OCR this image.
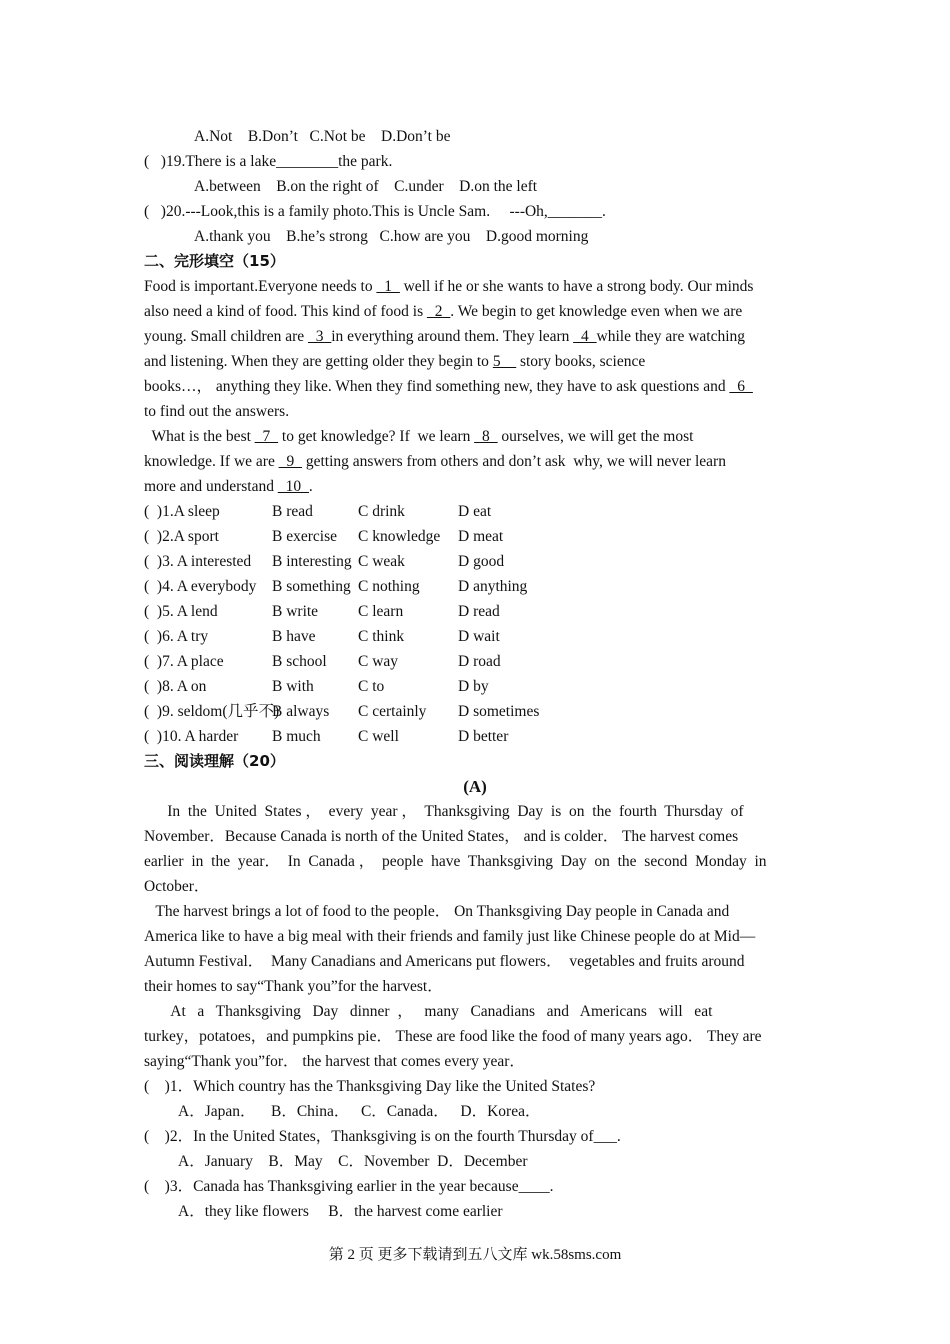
A.Not    B.Don’t   C.Not be    D.Don’t be
(   )19.There is a lake________the park.
A.between    B.on the right of    C.under    D.on the left
(   )20.---Look,this is a family photo.This is Uncle Sam.     ---Oh,_______.
A.thank you    B.he’s strong   C.how are you    D.good morning
二、完形填空（15）
Food is important.Everyone needs to _1_ well if he or she wants to have a strong body. Our minds
also need a kind of food. This kind of food is _2_. We begin to get knowledge even when we are
young. Small children are _3_in everything around them. They learn _4_while they are watching
and listening. When they are getting older they begin to 5__ story books, science
books…， anything they like. When they find something new, they have to ask questions and _6_
to find out the answers.
What is the best _7_ to get knowledge? If  we learn _8_ ourselves, we will get the most
knowledge. If we are _9_ getting answers from others and don’t ask  why, we will never learn
more and understand _10_.
(  )1.A sleep	B read	C drink	D eat
(  )2.A sport	B exercise C knowledge D meat
(  )3. A interested B interesting C weak	D good
(  )4. A everybody B something C nothing D anything
(  )5. A lend	B write	C learn	D read
(  )6. A try	B have	C think	D wait
(  )7. A place	B school C way	D road
(  )8. A on	B with	C to	D by
(  )9. seldom(几乎不)B always C certainly D sometimes
(  )10. A harder B much C well	D better
三、阅读理解（20）
(A)
In  the  United  States ，  every  year ，  Thanksgiving  Day  is  on  the  fourth  Thursday  of
November．Because Canada is north of the United States， and is colder． The harvest comes
earlier  in  the  year．  In  Canada ，  people  have  Thanksgiving  Day  on  the  second  Monday  in
October．
The harvest brings a lot of food to the people． On Thanksgiving Day people in Canada and
America like to have a big meal with their friends and family just like Chinese people do at Mid—
Autumn Festival．  Many Canadians and Americans put flowers．  vegetables and fruits around
their homes to say“Thank you”for the harvest．
At   a   Thanksgiving   Day   dinner  ，   many   Canadians   and   Americans   will   eat
turkey，potatoes，and pumpkins pie． These are food like the food of many years ago． They are
saying“Thank you”for． the harvest that comes every year．
(    )1．Which country has the Thanksgiving Day like the United States?
A．Japan．    B．China．   C．Canada．   D．Korea．
(    )2．In the United States，Thanksgiving is on the fourth Thursday of___.
A．January    B．May    C．November  D．December
(    )3．Canada has Thanksgiving earlier in the year because____.
A．they like flowers     B．the harvest come earlier
第 2 页 更多下载请到五八文库 wk.58sms.com
